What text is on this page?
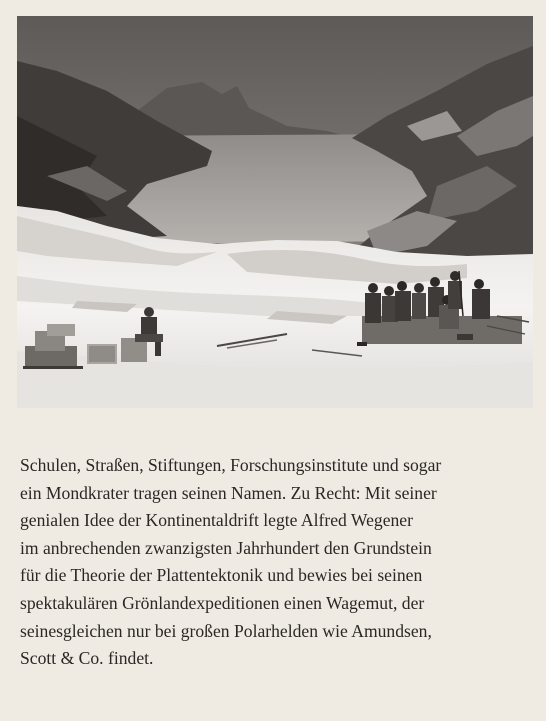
Schulen, Straßen, Stiftungen, Forschungsinstitute und sogar
ein Mondkrater tragen seinen Namen. Zu Recht: Mit seiner
genialen Idee der Kontinentaldrift legte Alfred Wegener
im anbrechenden zwanzigsten Jahrhundert den Grundstein
für die Theorie der Plattentektonik und bewies bei seinen
spektakulären Grönlandexpeditionen einen Wagemut, der
seinesgleichen nur bei großen Polarhelden wie Amundsen,
Scott & Co. findet.
